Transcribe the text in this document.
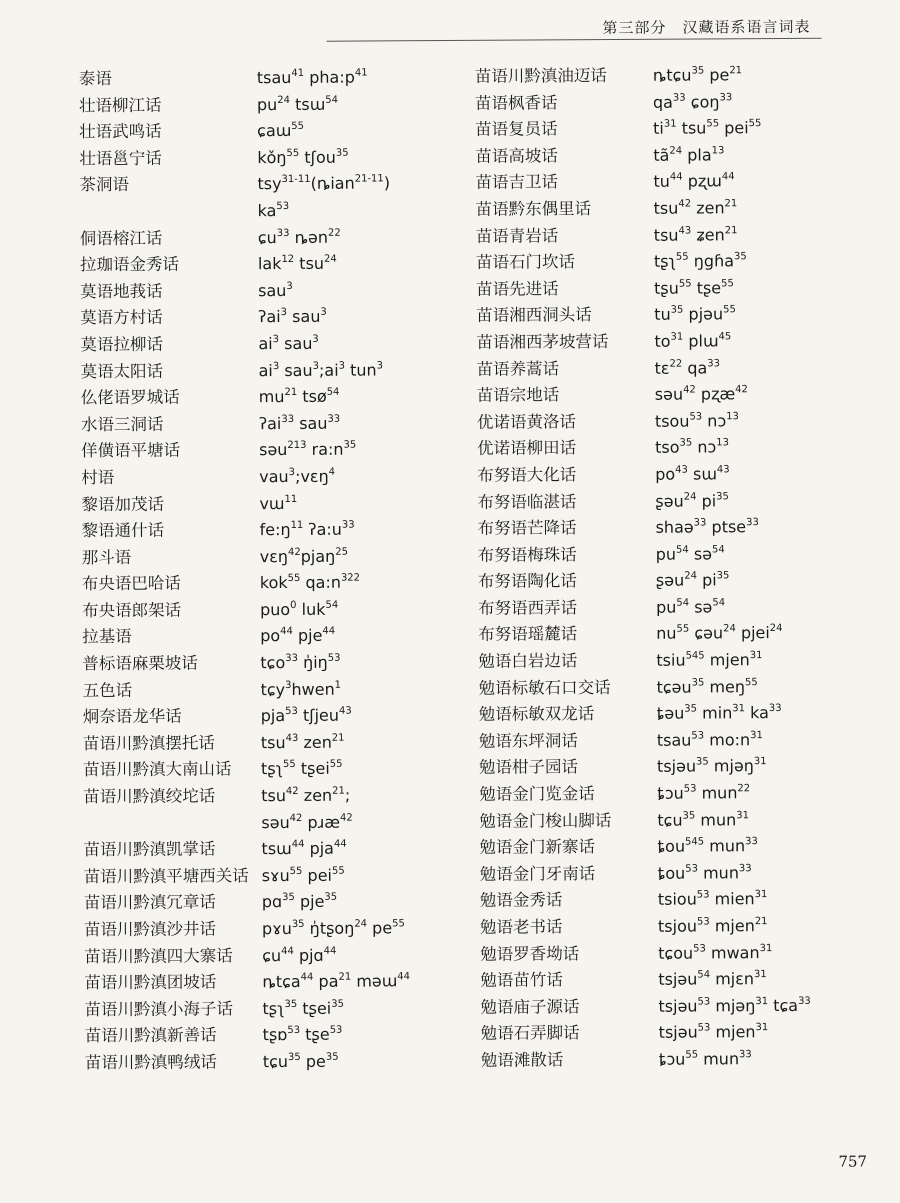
第三部分　汉藏语系语言词表
泰语	tsau$^{41}$ $pha:p^{41}$
壮语柳江话	$pu^{24}$ tsɯ$^{54}$
壮语武鸣话	ɕaɯ$^{55}$
壮语邕宁话	kǒŋ$^{55}$ tʃou$^{35}$
茶洞语	tsy$^{31-11}$(ȵian$^{21-11}$)
$ka^{53}$
侗语榕江话	ɕu$^{33}$ ȵən$^{22}$
拉珈语金秀话	lak$^{12}$ tsu$^{24}$
莫语地莪话	sau$^3$
莫语方村话	ʔai$^3$ sau$^3$
莫语拉柳话	$ai^3$ sau$^3$
莫语太阳话	$ai^3$ $sau^3;ai^3$ tun$^3$
仫佬语罗城话	$mu^{21}$ tsø$^{54}$
水语三洞话	ʔai$^{33}$ sau$^{33}$
佯僙语平塘话	səu$^{213}$ $ra:n^{35}$
村语	vau$^3$;vɛŋ$^4$
黎语加茂话	vɯ$^{11}$
黎语通什话	$fe:ŋ^{11}$ $ʔa:u^{33}$
那斗语	vɛŋ$^{42}$pjaŋ$^{25}$
布央语巴哈话	kok$^{55}$ $qa:n^{322}$
布央语郎架话	puo$^0$ luk$^{54}$
拉基语	$po^{44}$ pje$^{44}$
普标语麻栗坡话	tɕo$^{33}$ $ŋ̍iŋ^{53}$
五色话	tɕy$^3$hwen$^1$
炯奈语龙华话	pja$^{53}$ tʃjeu$^{43}$
苗语川黔滇摆托话	tsu$^{43}$ zen$^{21}$
苗语川黔滇大南山话 tʂʅ$^{55}$ tʂei$^{55}$
苗语川黔滇绞坨话	tsu$^{42}$ zen$^{21}$;
səu$^{42}$ pɹæ$^{42}$
苗语川黔滇凯掌话	tsɯ$^{44}$ pja$^{44}$
苗语川黔滇平塘西关话 sɤu$^{55}$ pei$^{55}$
苗语川黔滇冗章话	pɑ$^{35}$ pje$^{35}$
苗语川黔滇沙井话	pɤu$^{35}$ ŋ̍tʂoŋ$^{24}$ $pe^{55}$
苗语川黔滇四大寨话 ɕu$^{44}$ pjɑ$^{44}$
苗语川黔滇团坡话	ȵtɕa$^{44}$ $pa^{21}$ məɯ$^{44}$
苗语川黔滇小海子话 tʂʅ$^{35}$ tʂei$^{35}$
苗语川黔滇新善话	tʂɒ$^{53}$ tʂe$^{53}$
苗语川黔滇鸭绒话	tɕu$^{35}$ $pe^{35}$
苗语川黔滇油迈话	ȵtɕu$^{35}$ $pe^{21}$
苗语枫香话	$qa^{33}$ ɕoŋ$^{33}$
苗语复员话	$ti^{31}$ tsu$^{55}$ pei$^{55}$
苗语高坡话	$tã^{24}$ pla$^{13}$
苗语吉卫话	$tu^{44}$ pʐɯ$^{44}$
苗语黔东偶里话	tsu$^{42}$ zen$^{21}$
苗语青岩话	tsu$^{43}$ ʑen$^{21}$
苗语石门坎话	tʂʅ$^{55}$ ŋgɦa$^{35}$
苗语先进话	tʂu$^{55}$ tʂe$^{55}$
苗语湘西洞头话	$tu^{35}$ pjəu$^{55}$
苗语湘西茅坡营话	$to^{31}$ plɯ$^{45}$
苗语养蒿话	tɛ$^{22}$ $qa^{33}$
苗语宗地话	səu$^{42}$ pʐæ$^{42}$
优诺语黄洛话	tsou$^{53}$ nɔ$^{13}$
优诺语柳田话	tso$^{35}$ nɔ$^{13}$
布努语大化话	$po^{43}$ sɯ$^{43}$
布努语临湛话	ʂəu$^{24}$ $pi^{35}$
布努语芒降话	shaə$^{33}$ ptse$^{33}$
布努语梅珠话	$pu^{54}$ sə$^{54}$
布努语陶化话	ʂəu$^{24}$ $pi^{35}$
布努语西弄话	$pu^{54}$ sə$^{54}$
布努语瑶麓话	$nu^{55}$ ɕəu$^{24}$ pjei$^{24}$
勉语白岩边话	tsiu$^{545}$ mjen$^{31}$
勉语标敏石口交话	tɕəu$^{35}$ meŋ$^{55}$
勉语标敏双龙话	ȶəu$^{35}$ $\min^{31} ka^{33}$
勉语东坪洞话	tsau$^{53}$ $mo:n^{31}$
勉语柑子园话	tsjəu$^{35}$ mjəŋ$^{31}$
勉语金门览金话	ȶɔu$^{53}$ mun$^{22}$
勉语金门梭山脚话	tɕu$^{35}$ mun$^{31}$
勉语金门新寨话	ȶou$^{545}$ mun$^{33}$
勉语金门牙南话	ȶou$^{53}$ mun$^{33}$
勉语金秀话	tsiou$^{53}$ mien$^{31}$
勉语老书话	tsjou$^{53}$ mjen$^{21}$
勉语罗香坳话	tɕou$^{53}$ mwan$^{31}$
勉语苗竹话	tsjəu$^{54}$ mjɛn$^{31}$
勉语庙子源话	tsjəu$^{53}$ mjəŋ$^{31}$ tɕa$^{33}$
勉语石弄脚话	tsjəu$^{53}$ mjen$^{31}$
勉语滩散话	ȶɔu$^{55}$ mun$^{33}$
757
